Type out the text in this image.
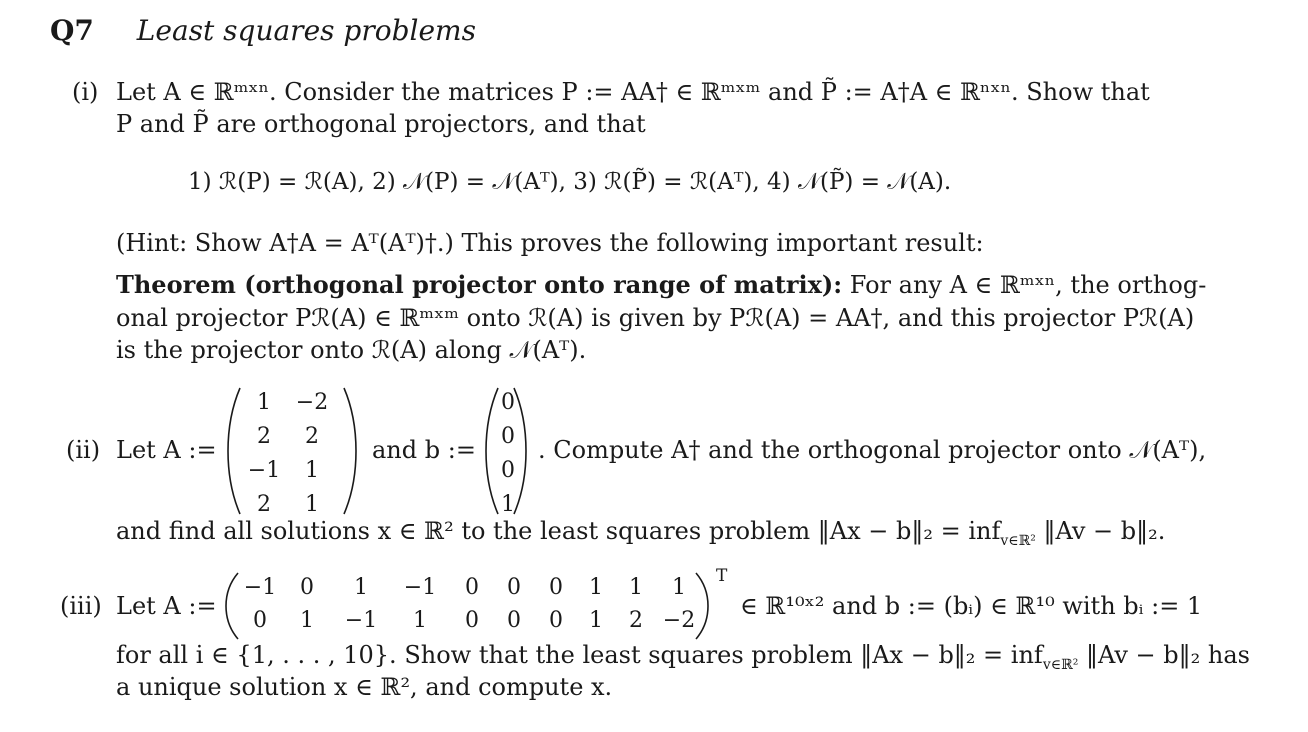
Q7 Least squares problems
(i) Let A ∈ ℝᵐˣⁿ. Consider the matrices P := AA† ∈ ℝᵐˣᵐ and P̃ := A†A ∈ ℝⁿˣⁿ. Show that
P and P̃ are orthogonal projectors, and that
1) ℛ(P) = ℛ(A), 2) 𝒩(P) = 𝒩(Aᵀ), 3) ℛ(P̃) = ℛ(Aᵀ), 4) 𝒩(P̃) = 𝒩(A).
(Hint: Show A†A = Aᵀ(Aᵀ)†.) This proves the following important result:
Theorem (orthogonal projector onto range of matrix): For any A ∈ ℝᵐˣⁿ, the orthog-
onal projector Pℛ(A) ∈ ℝᵐˣᵐ onto ℛ(A) is given by Pℛ(A) = AA†, and this projector Pℛ(A)
is the projector onto ℛ(A) along 𝒩(Aᵀ).
(ii) Let A :=
1	−2
2	2
−1	1
2	1
and b :=
0
0
0
1
. Compute A† and the orthogonal projector onto 𝒩(Aᵀ),
and find all solutions x ∈ ℝ² to the least squares problem ‖Ax − b‖₂ = inf$_{v\in ℝ^2}$ ‖Av − b‖₂.
(iii) Let A :=
−1	0	1	−1	0	0	0	1	1	1
0	1	−1	1	0	0	0	1	2 −2
T
∈ ℝ¹⁰ˣ² and b := (bᵢ) ∈ ℝ¹⁰ with bᵢ := 1
for all i ∈ {1, . . . , 10}. Show that the least squares problem ‖Ax − b‖₂ = inf$_{v\in ℝ^2}$ ‖Av − b‖₂ has
a unique solution x ∈ ℝ², and compute x.
